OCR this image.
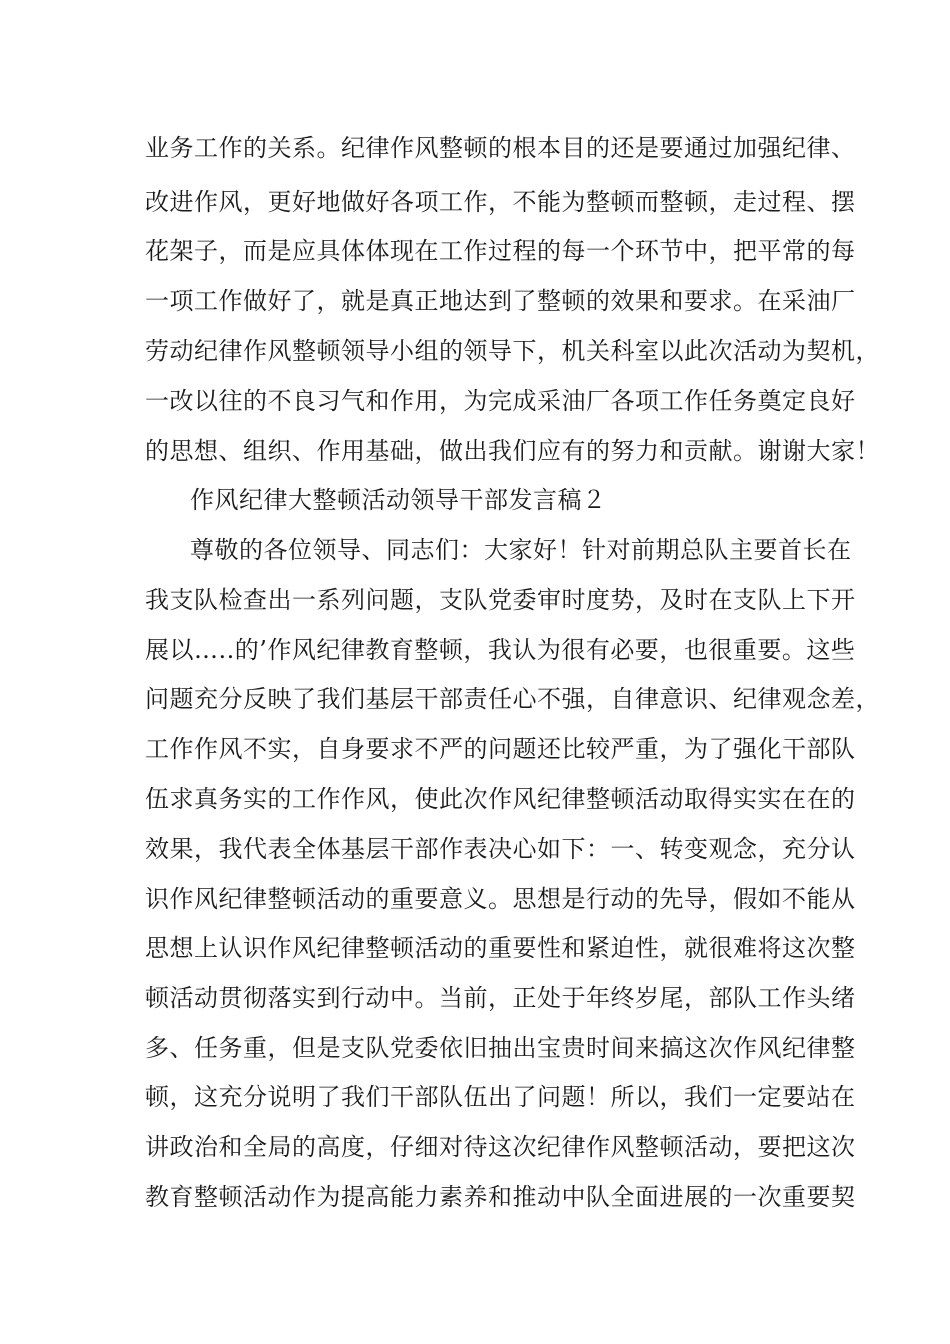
业务工作的关系。纪律作风整顿的根本目的还是要通过加强纪律、
改进作风，更好地做好各项工作，不能为整顿而整顿，走过程、摆
花架子，而是应具体体现在工作过程的每一个环节中，把平常的每
一项工作做好了，就是真正地达到了整顿的效果和要求。在采油厂
劳动纪律作风整顿领导小组的领导下，机关科室以此次活动为契机，
一改以往的不良习气和作用，为完成采油厂各项工作任务奠定良好
的思想、组织、作用基础，做出我们应有的努力和贡献。谢谢大家！
作风纪律大整顿活动领导干部发言稿２
尊敬的各位领导、同志们：大家好！针对前期总队主要首长在
我支队检查出一系列问题，支队党委审时度势，及时在支队上下开
展以…..的’作风纪律教育整顿，我认为很有必要，也很重要。这些
问题充分反映了我们基层干部责任心不强，自律意识、纪律观念差，
工作作风不实，自身要求不严的问题还比较严重，为了强化干部队
伍求真务实的工作作风，使此次作风纪律整顿活动取得实实在在的
效果，我代表全体基层干部作表决心如下：一、转变观念，充分认
识作风纪律整顿活动的重要意义。思想是行动的先导，假如不能从
思想上认识作风纪律整顿活动的重要性和紧迫性，就很难将这次整
顿活动贯彻落实到行动中。当前，正处于年终岁尾，部队工作头绪
多、任务重，但是支队党委依旧抽出宝贵时间来搞这次作风纪律整
顿，这充分说明了我们干部队伍出了问题！所以，我们一定要站在
讲政治和全局的高度，仔细对待这次纪律作风整顿活动，要把这次
教育整顿活动作为提高能力素养和推动中队全面进展的一次重要契
